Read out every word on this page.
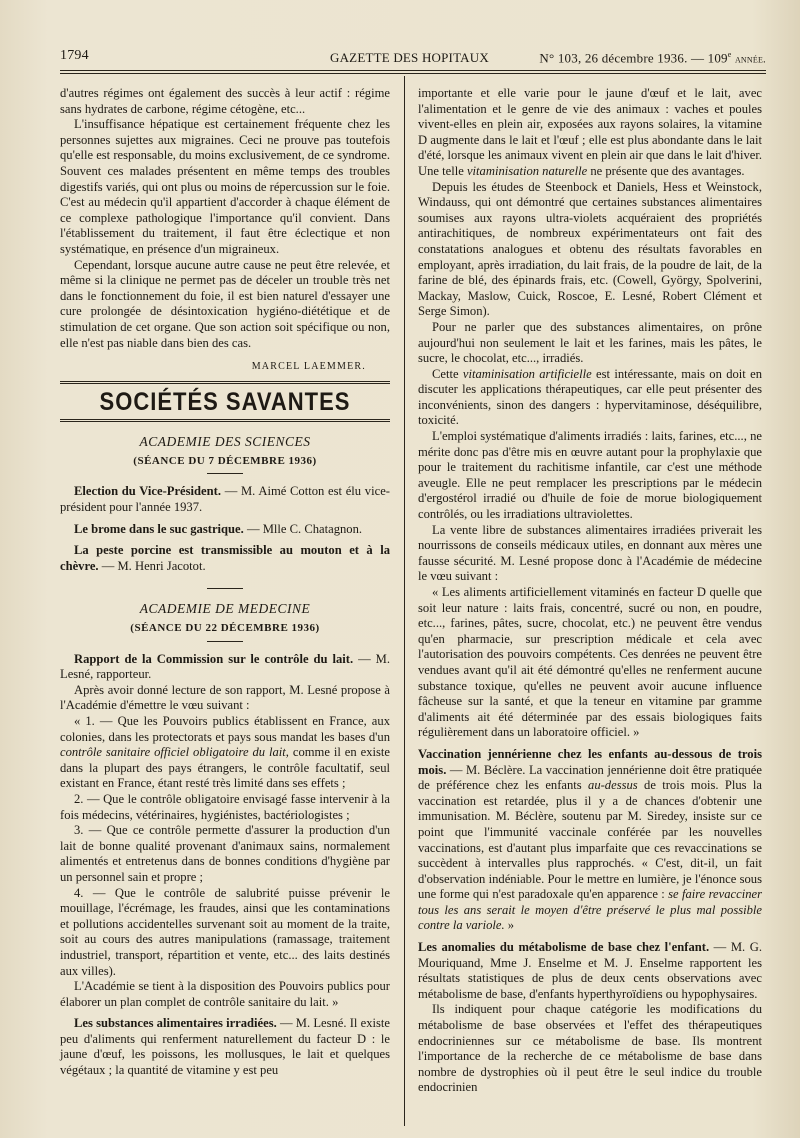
1794	GAZETTE DES HOPITAUX	N° 103, 26 décembre 1936. — 109e année.

d'autres régimes ont également des succès à leur actif : régime sans hydrates de carbone, régime cétogène, etc...

L'insuffisance hépatique est certainement fréquente chez les personnes sujettes aux migraines. Ceci ne prouve pas toutefois qu'elle est responsable, du moins exclusivement, de ce syndrome. Souvent ces malades présentent en même temps des troubles digestifs variés, qui ont plus ou moins de répercussion sur le foie. C'est au médecin qu'il appartient d'accorder à chaque élément de ce complexe pathologique l'importance qu'il convient. Dans l'établissement du traitement, il faut être éclectique et non systématique, en présence d'un migraineux.

Cependant, lorsque aucune autre cause ne peut être relevée, et même si la clinique ne permet pas de déceler un trouble très net dans le fonctionnement du foie, il est bien naturel d'essayer une cure prolongée de désintoxication hygiéno-diététique et de stimulation de cet organe. Que son action soit spécifique ou non, elle n'est pas niable dans bien des cas.

MARCEL LAEMMER.

SOCIÉTÉS SAVANTES
ACADEMIE DES SCIENCES
(SÉANCE DU 7 DÉCEMBRE 1936)

Election du Vice-Président. — M. Aimé Cotton est élu vice-président pour l'année 1937.

Le brome dans le suc gastrique. — Mlle C. Chatagnon.

La peste porcine est transmissible au mouton et à la chèvre. — M. Henri Jacotot.

ACADEMIE DE MEDECINE
(SÉANCE DU 22 DÉCEMBRE 1936)

Rapport de la Commission sur le contrôle du lait. — M. Lesné, rapporteur.

Après avoir donné lecture de son rapport, M. Lesné propose à l'Académie d'émettre le vœu suivant :

« 1. — Que les Pouvoirs publics établissent en France, aux colonies, dans les protectorats et pays sous mandat les bases d'un contrôle sanitaire officiel obligatoire du lait, comme il en existe dans la plupart des pays étrangers, le contrôle facultatif, seul existant en France, étant resté très limité dans ses effets ;

2. — Que le contrôle obligatoire envisagé fasse intervenir à la fois médecins, vétérinaires, hygiénistes, bactériologistes ;

3. — Que ce contrôle permette d'assurer la production d'un lait de bonne qualité provenant d'animaux sains, normalement alimentés et entretenus dans de bonnes conditions d'hygiène par un personnel sain et propre ;

4. — Que le contrôle de salubrité puisse prévenir le mouillage, l'écrémage, les fraudes, ainsi que les contaminations et pollutions accidentelles survenant soit au moment de la traite, soit au cours des autres manipulations (ramassage, traitement industriel, transport, répartition et vente, etc... des laits destinés aux villes).

L'Académie se tient à la disposition des Pouvoirs publics pour élaborer un plan complet de contrôle sanitaire du lait. »

Les substances alimentaires irradiées. — M. Lesné. Il existe peu d'aliments qui renferment naturellement du facteur D : le jaune d'œuf, les poissons, les mollusques, le lait et quelques végétaux ; la quantité de vitamine y est peu

importante et elle varie pour le jaune d'œuf et le lait, avec l'alimentation et le genre de vie des animaux : vaches et poules vivent-elles en plein air, exposées aux rayons solaires, la vitamine D augmente dans le lait et l'œuf ; elle est plus abondante dans le lait d'été, lorsque les animaux vivent en plein air que dans le lait d'hiver. Une telle vitaminisation naturelle ne présente que des avantages.

Depuis les études de Steenbock et Daniels, Hess et Weinstock, Windauss, qui ont démontré que certaines substances alimentaires soumises aux rayons ultra-violets acquéraient des propriétés antirachitiques, de nombreux expérimentateurs ont fait des constatations analogues et obtenu des résultats favorables en employant, après irradiation, du lait frais, de la poudre de lait, de la farine de blé, des épinards frais, etc. (Cowell, György, Spolverini, Mackay, Maslow, Cuick, Roscoe, E. Lesné, Robert Clément et Serge Simon).

Pour ne parler que des substances alimentaires, on prône aujourd'hui non seulement le lait et les farines, mais les pâtes, le sucre, le chocolat, etc..., irradiés.

Cette vitaminisation artificielle est intéressante, mais on doit en discuter les applications thérapeutiques, car elle peut présenter des inconvénients, sinon des dangers : hypervitaminose, déséquilibre, toxicité.

L'emploi systématique d'aliments irradiés : laits, farines, etc..., ne mérite donc pas d'être mis en œuvre autant pour la prophylaxie que pour le traitement du rachitisme infantile, car c'est une méthode aveugle. Elle ne peut remplacer les prescriptions par le médecin d'ergostérol irradié ou d'huile de foie de morue biologiquement contrôlés, ou les irradiations ultraviolettes.

La vente libre de substances alimentaires irradiées priverait les nourrissons de conseils médicaux utiles, en donnant aux mères une fausse sécurité. M. Lesné propose donc à l'Académie de médecine le vœu suivant :

« Les aliments artificiellement vitaminés en facteur D quelle que soit leur nature : laits frais, concentré, sucré ou non, en poudre, etc..., farines, pâtes, sucre, chocolat, etc.) ne peuvent être vendus qu'en pharmacie, sur prescription médicale et cela avec l'autorisation des pouvoirs compétents. Ces denrées ne peuvent être vendues avant qu'il ait été démontré qu'elles ne renferment aucune substance toxique, qu'elles ne peuvent avoir aucune influence fâcheuse sur la santé, et que la teneur en vitamine par gramme d'aliments ait été déterminée par des essais biologiques faits régulièrement dans un laboratoire officiel. »

Vaccination jennérienne chez les enfants au-dessous de trois mois. — M. Béclère. La vaccination jennérienne doit être pratiquée de préférence chez les enfants au-dessus de trois mois. Plus la vaccination est retardée, plus il y a de chances d'obtenir une immunisation. M. Béclère, soutenu par M. Siredey, insiste sur ce point que l'immunité vaccinale conférée par les nouvelles vaccinations, est d'autant plus imparfaite que ces revaccinations se succèdent à intervalles plus rapprochés. « C'est, dit-il, un fait d'observation indéniable. Pour le mettre en lumière, je l'énonce sous une forme qui n'est paradoxale qu'en apparence : se faire revacciner tous les ans serait le moyen d'être préservé le plus mal possible contre la variole. »

Les anomalies du métabolisme de base chez l'enfant. — M. G. Mouriquand, Mme J. Enselme et M. J. Enselme rapportent les résultats statistiques de plus de deux cents observations avec métabolisme de base, d'enfants hyperthyroïdiens ou hypophysaires.

Ils indiquent pour chaque catégorie les modifications du métabolisme de base observées et l'effet des thérapeutiques endocriniennes sur ce métabolisme de base. Ils montrent l'importance de la recherche de ce métabolisme de base dans nombre de dystrophies où il peut être le seul indice du trouble endocrinien
